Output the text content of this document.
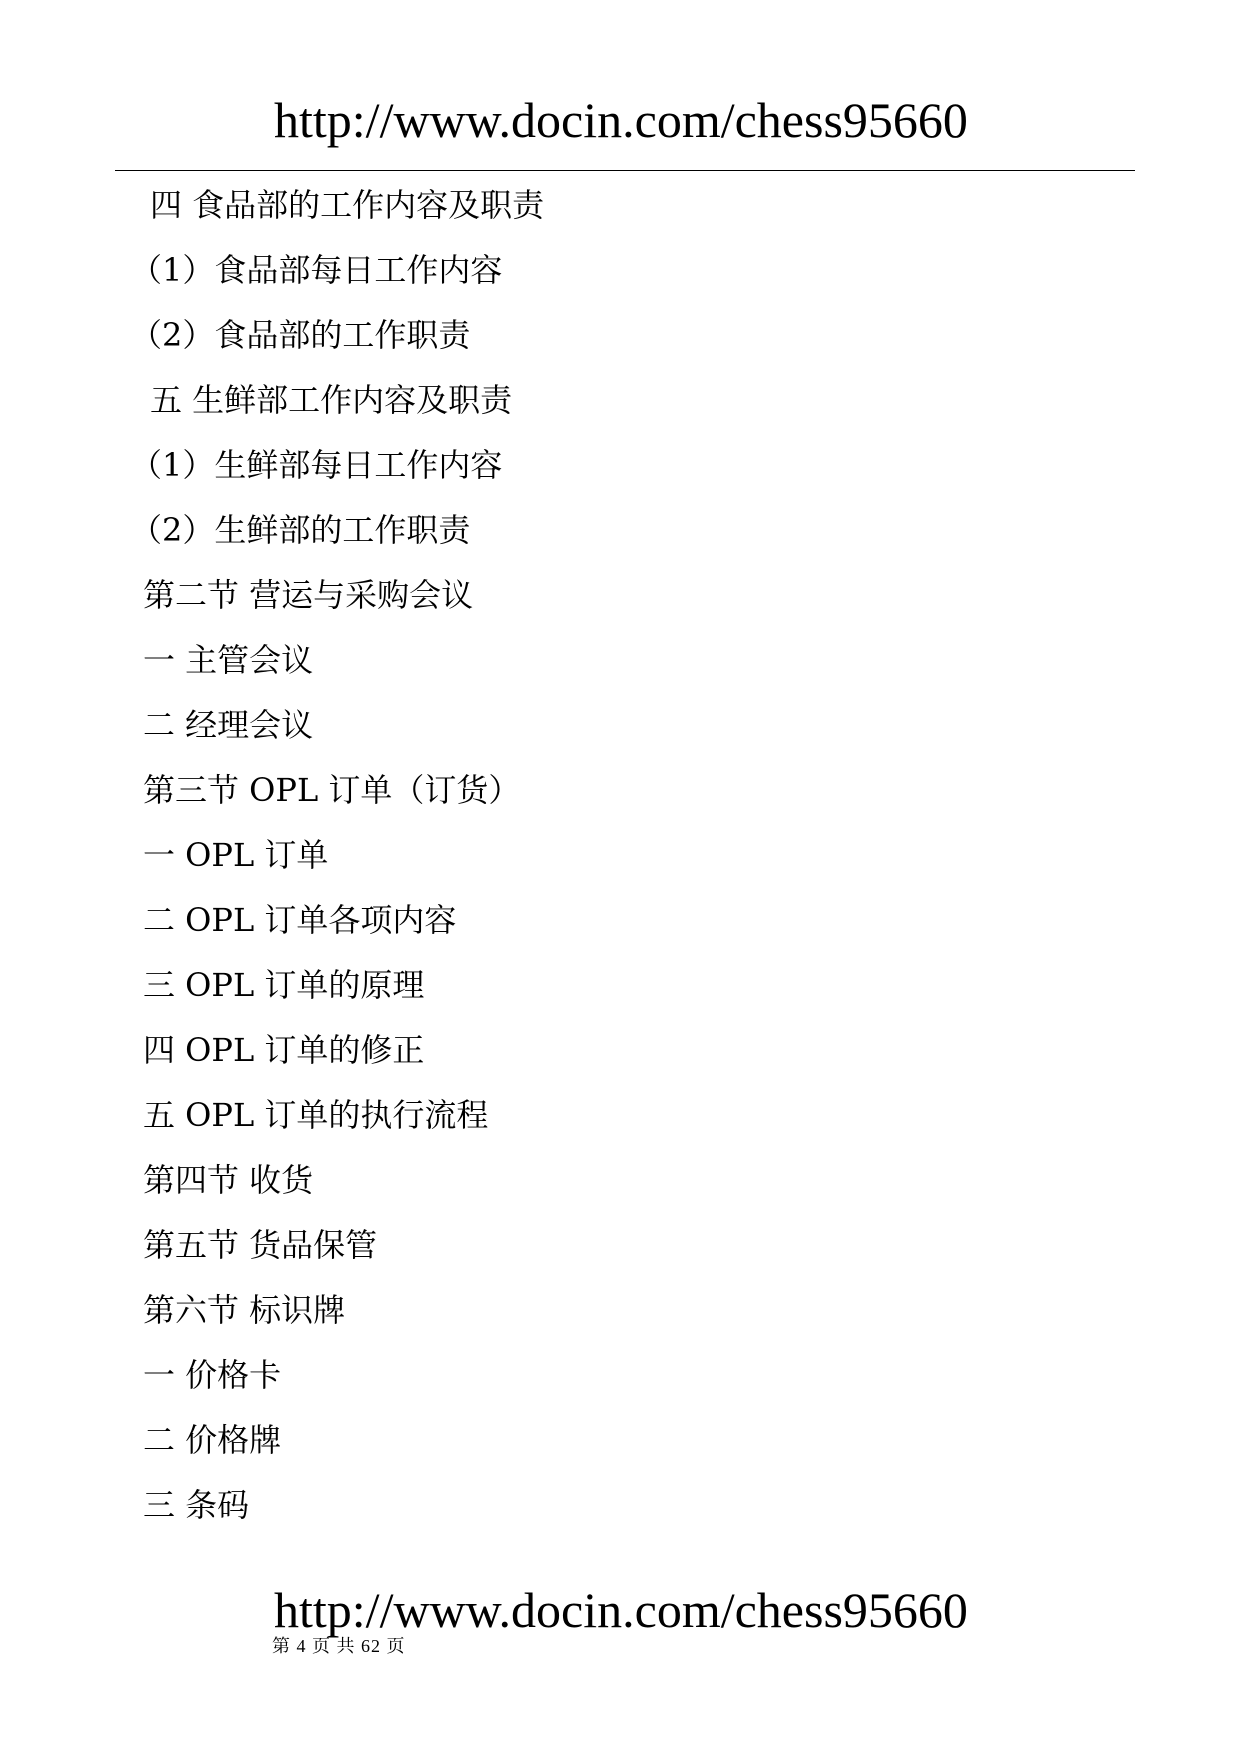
http://www.docin.com/chess95660
四 食品部的工作内容及职责
（1）食品部每日工作内容
（2）食品部的工作职责
五 生鲜部工作内容及职责
（1）生鲜部每日工作内容
（2）生鲜部的工作职责
第二节 营运与采购会议
一 主管会议
二 经理会议
第三节 OPL 订单（订货）
一 OPL 订单
二 OPL 订单各项内容
三 OPL 订单的原理
四 OPL 订单的修正
五 OPL 订单的执行流程
第四节 收货
第五节 货品保管
第六节 标识牌
一 价格卡
二 价格牌
三 条码
http://www.docin.com/chess95660
第 4 页 共 62 页
